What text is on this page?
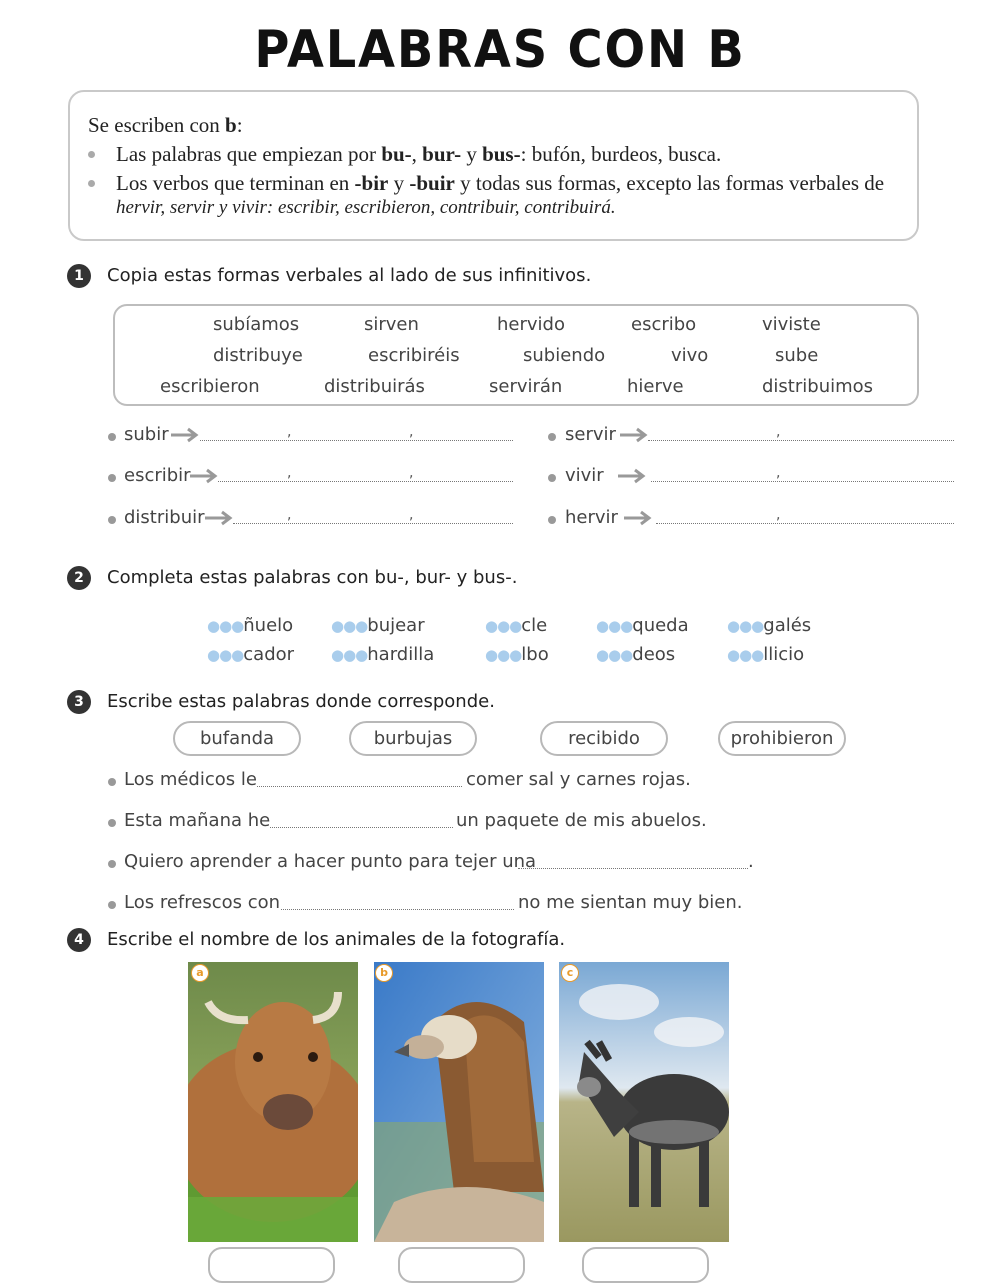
PALABRAS CON B
Se escriben con b:
Las palabras que empiezan por bu-, bur- y bus-: bufón, burdeos, busca.
Los verbos que terminan en -bir y -buir y todas sus formas, excepto las formas verbales de
hervir, servir y vivir: escribir, escribieron, contribuir, contribuirá.
1	Copia estas formas verbales al lado de sus infinitivos.
subíamos	sirven	hervido	escribo	viviste
distribuye	escribiréis	subiendo	vivo	sube
escribieron	distribuirás	servirán	hierve	distribuimos
subir	,	,
escribir	,	,
distribuir	,	,
servir	,
vivir	,
hervir	,
2	Completa estas palabras con bu-, bur- y bus-.
●●●ñuelo	●●●bujear	●●●cle	●●●queda	●●●galés
●●●cador ●●●hardilla	●●●lbo	●●●deos	●●●llicio
3	Escribe estas palabras donde corresponde.
bufanda	burbujas	recibido	prohibieron
Los médicos le	comer sal y carnes rojas.
Esta mañana he	un paquete de mis abuelos.
Quiero aprender a hacer punto para tejer una	.
Los refrescos con	no me sientan muy bien.
4	Escribe el nombre de los animales de la fotografía.
a	b	c
